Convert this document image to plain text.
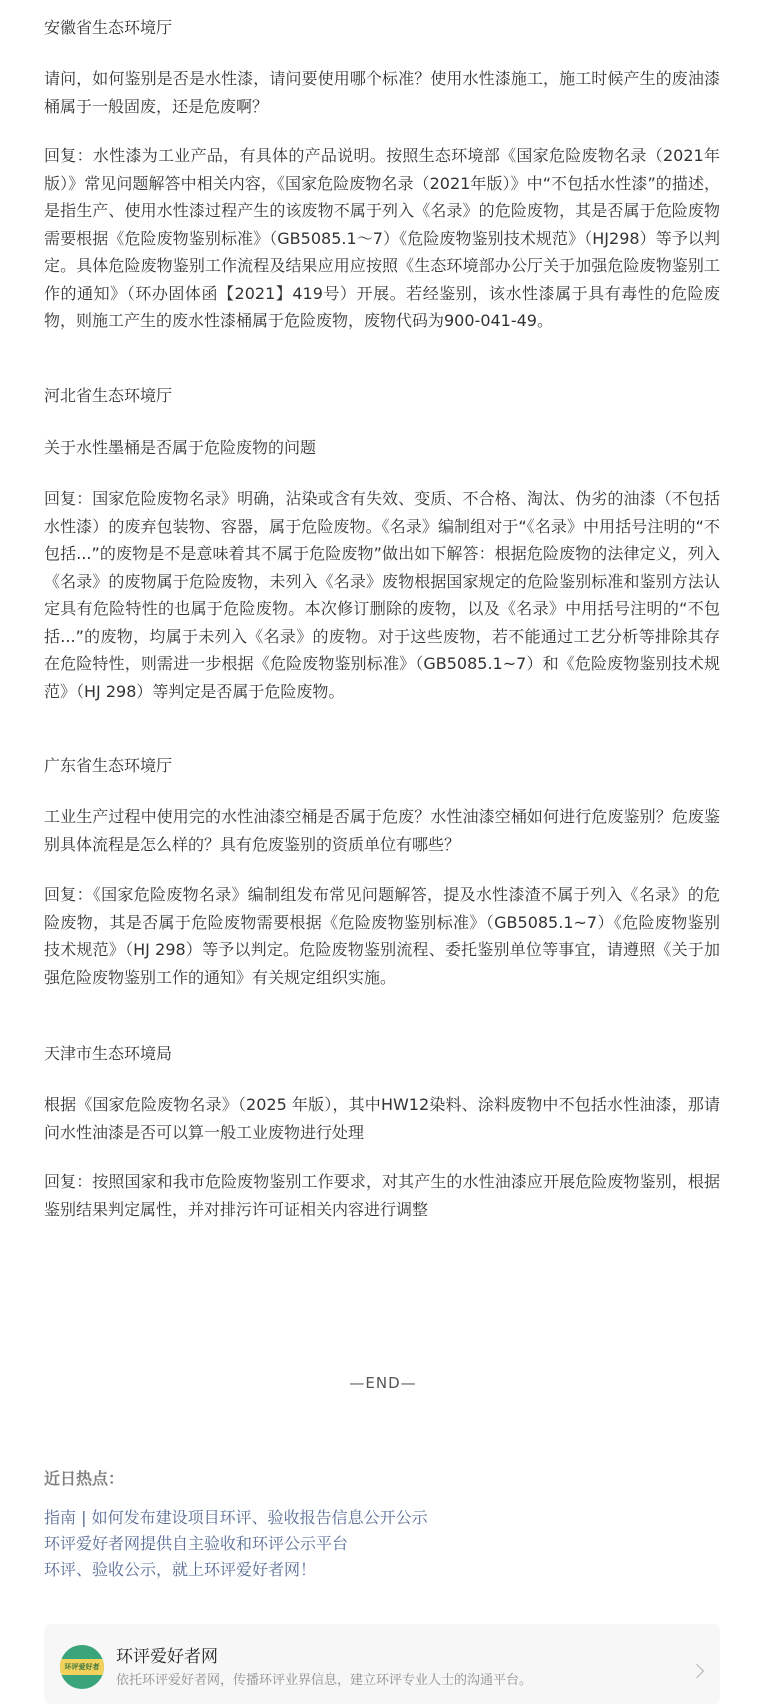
安徽省生态环境厅

请问，如何鉴别是否是水性漆，请问要使用哪个标准？使用水性漆施工，施工时候产生的废油漆桶属于一般固废，还是危废啊？

回复：水性漆为工业产品，有具体的产品说明。按照生态环境部《国家危险废物名录（2021年版）》常见问题解答中相关内容，《国家危险废物名录（2021年版）》中“不包括水性漆”的描述，是指生产、使用水性漆过程产生的该废物不属于列入《名录》的危险废物，其是否属于危险废物需要根据《危险废物鉴别标准》（GB5085.1～7）《危险废物鉴别技术规范》（HJ298）等予以判定。具体危险废物鉴别工作流程及结果应用应按照《生态环境部办公厅关于加强危险废物鉴别工作的通知》（环办固体函【2021】419号）开展。若经鉴别，该水性漆属于具有毒性的危险废物，则施工产生的废水性漆桶属于危险废物，废物代码为900-041-49。

河北省生态环境厅

关于水性墨桶是否属于危险废物的问题

回复：国家危险废物名录》明确，沾染或含有失效、变质、不合格、淘汰、伪劣的油漆（不包括水性漆）的废弃包装物、容器，属于危险废物。《名录》编制组对于“《名录》中用括号注明的“不包括...”的废物是不是意味着其不属于危险废物”做出如下解答：根据危险废物的法律定义，列入《名录》的废物属于危险废物，未列入《名录》废物根据国家规定的危险鉴别标准和鉴别方法认定具有危险特性的也属于危险废物。本次修订删除的废物，以及《名录》中用括号注明的“不包括...”的废物，均属于未列入《名录》的废物。对于这些废物，若不能通过工艺分析等排除其存在危险特性，则需进一步根据《危险废物鉴别标准》（GB5085.1~7）和《危险废物鉴别技术规范》（HJ 298）等判定是否属于危险废物。

广东省生态环境厅

工业生产过程中使用完的水性油漆空桶是否属于危废？水性油漆空桶如何进行危废鉴别？危废鉴别具体流程是怎么样的？具有危废鉴别的资质单位有哪些？

回复：《国家危险废物名录》编制组发布常见问题解答，提及水性漆渣不属于列入《名录》的危险废物，其是否属于危险废物需要根据《危险废物鉴别标准》（GB5085.1~7）《危险废物鉴别技术规范》（HJ 298）等予以判定。危险废物鉴别流程、委托鉴别单位等事宜，请遵照《关于加强危险废物鉴别工作的通知》有关规定组织实施。

天津市生态环境局

根据《国家危险废物名录》（2025 年版），其中HW12染料、涂料废物中不包括水性油漆，那请问水性油漆是否可以算一般工业废物进行处理

回复：按照国家和我市危险废物鉴别工作要求，对其产生的水性油漆应开展危险废物鉴别，根据鉴别结果判定属性，并对排污许可证相关内容进行调整

—END—
近日热点：
指南 | 如何发布建设项目环评、验收报告信息公开公示
环评爱好者网提供自主验收和环评公示平台
环评、验收公示，就上环评爱好者网！
环评爱好者 环评爱好者网
依托环评爱好者网，传播环评业界信息，建立环评专业人士的沟通平台。
